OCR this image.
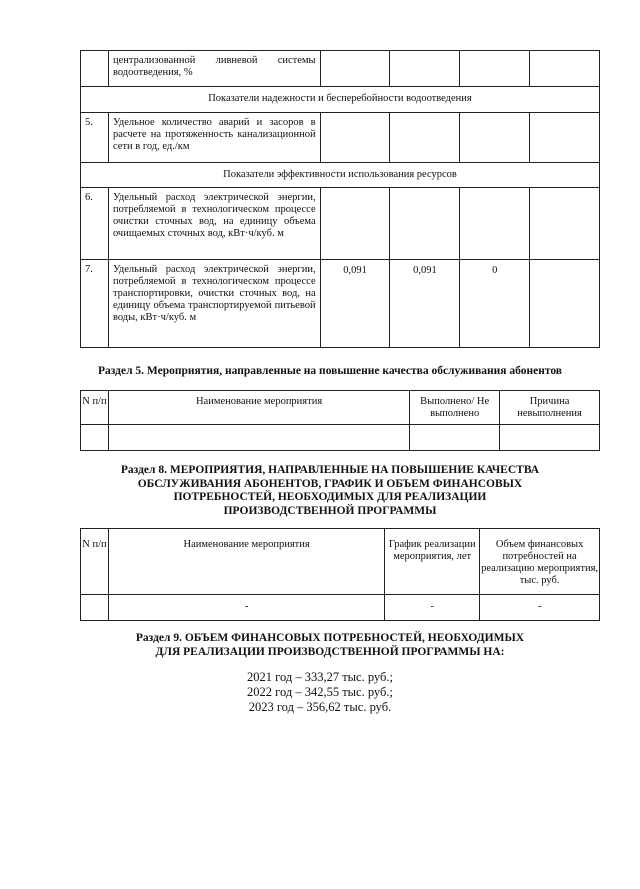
	централизованной ливневой системы водоотведения, %				
Показатели надежности и бесперебойности водоотведения					
5.	Удельное количество аварий и засоров в расчете на протяженность канализационной сети в год, ед./км				
Показатели эффективности использования ресурсов					
6.	Удельный расход электрической энергии, потребляемой в технологическом процессе очистки сточных вод, на единицу объема очищаемых сточных вод, кВт·ч/куб. м				
7.	Удельный расход электрической энергии, потребляемой в технологическом процессе транспортировки, очистки сточных вод, на единицу объема транспортируемой питьевой воды, кВт·ч/куб. м	0,091	0,091	0	
Раздел 5. Мероприятия, направленные на повышение качества обслуживания абонентов
N п/п	Наименование мероприятия	Выполнено/ Не выполнено	Причина невыполнения

Раздел 8. МЕРОПРИЯТИЯ, НАПРАВЛЕННЫЕ НА ПОВЫШЕНИЕ КАЧЕСТВА
ОБСЛУЖИВАНИЯ АБОНЕНТОВ, ГРАФИК И ОБЪЕМ ФИНАНСОВЫХ
ПОТРЕБНОСТЕЙ, НЕОБХОДИМЫХ ДЛЯ РЕАЛИЗАЦИИ
ПРОИЗВОДСТВЕННОЙ ПРОГРАММЫ
N п/п	Наименование мероприятия	График реализации мероприятия, лет	Объем финансовых потребностей на реализацию мероприятия, тыс. руб.
	-	-	-
Раздел 9. ОБЪЕМ ФИНАНСОВЫХ ПОТРЕБНОСТЕЙ, НЕОБХОДИМЫХ
ДЛЯ РЕАЛИЗАЦИИ ПРОИЗВОДСТВЕННОЙ ПРОГРАММЫ НА:
2021 год – 333,27 тыс. руб.;
2022 год – 342,55 тыс. руб.;
2023 год – 356,62 тыс. руб.
